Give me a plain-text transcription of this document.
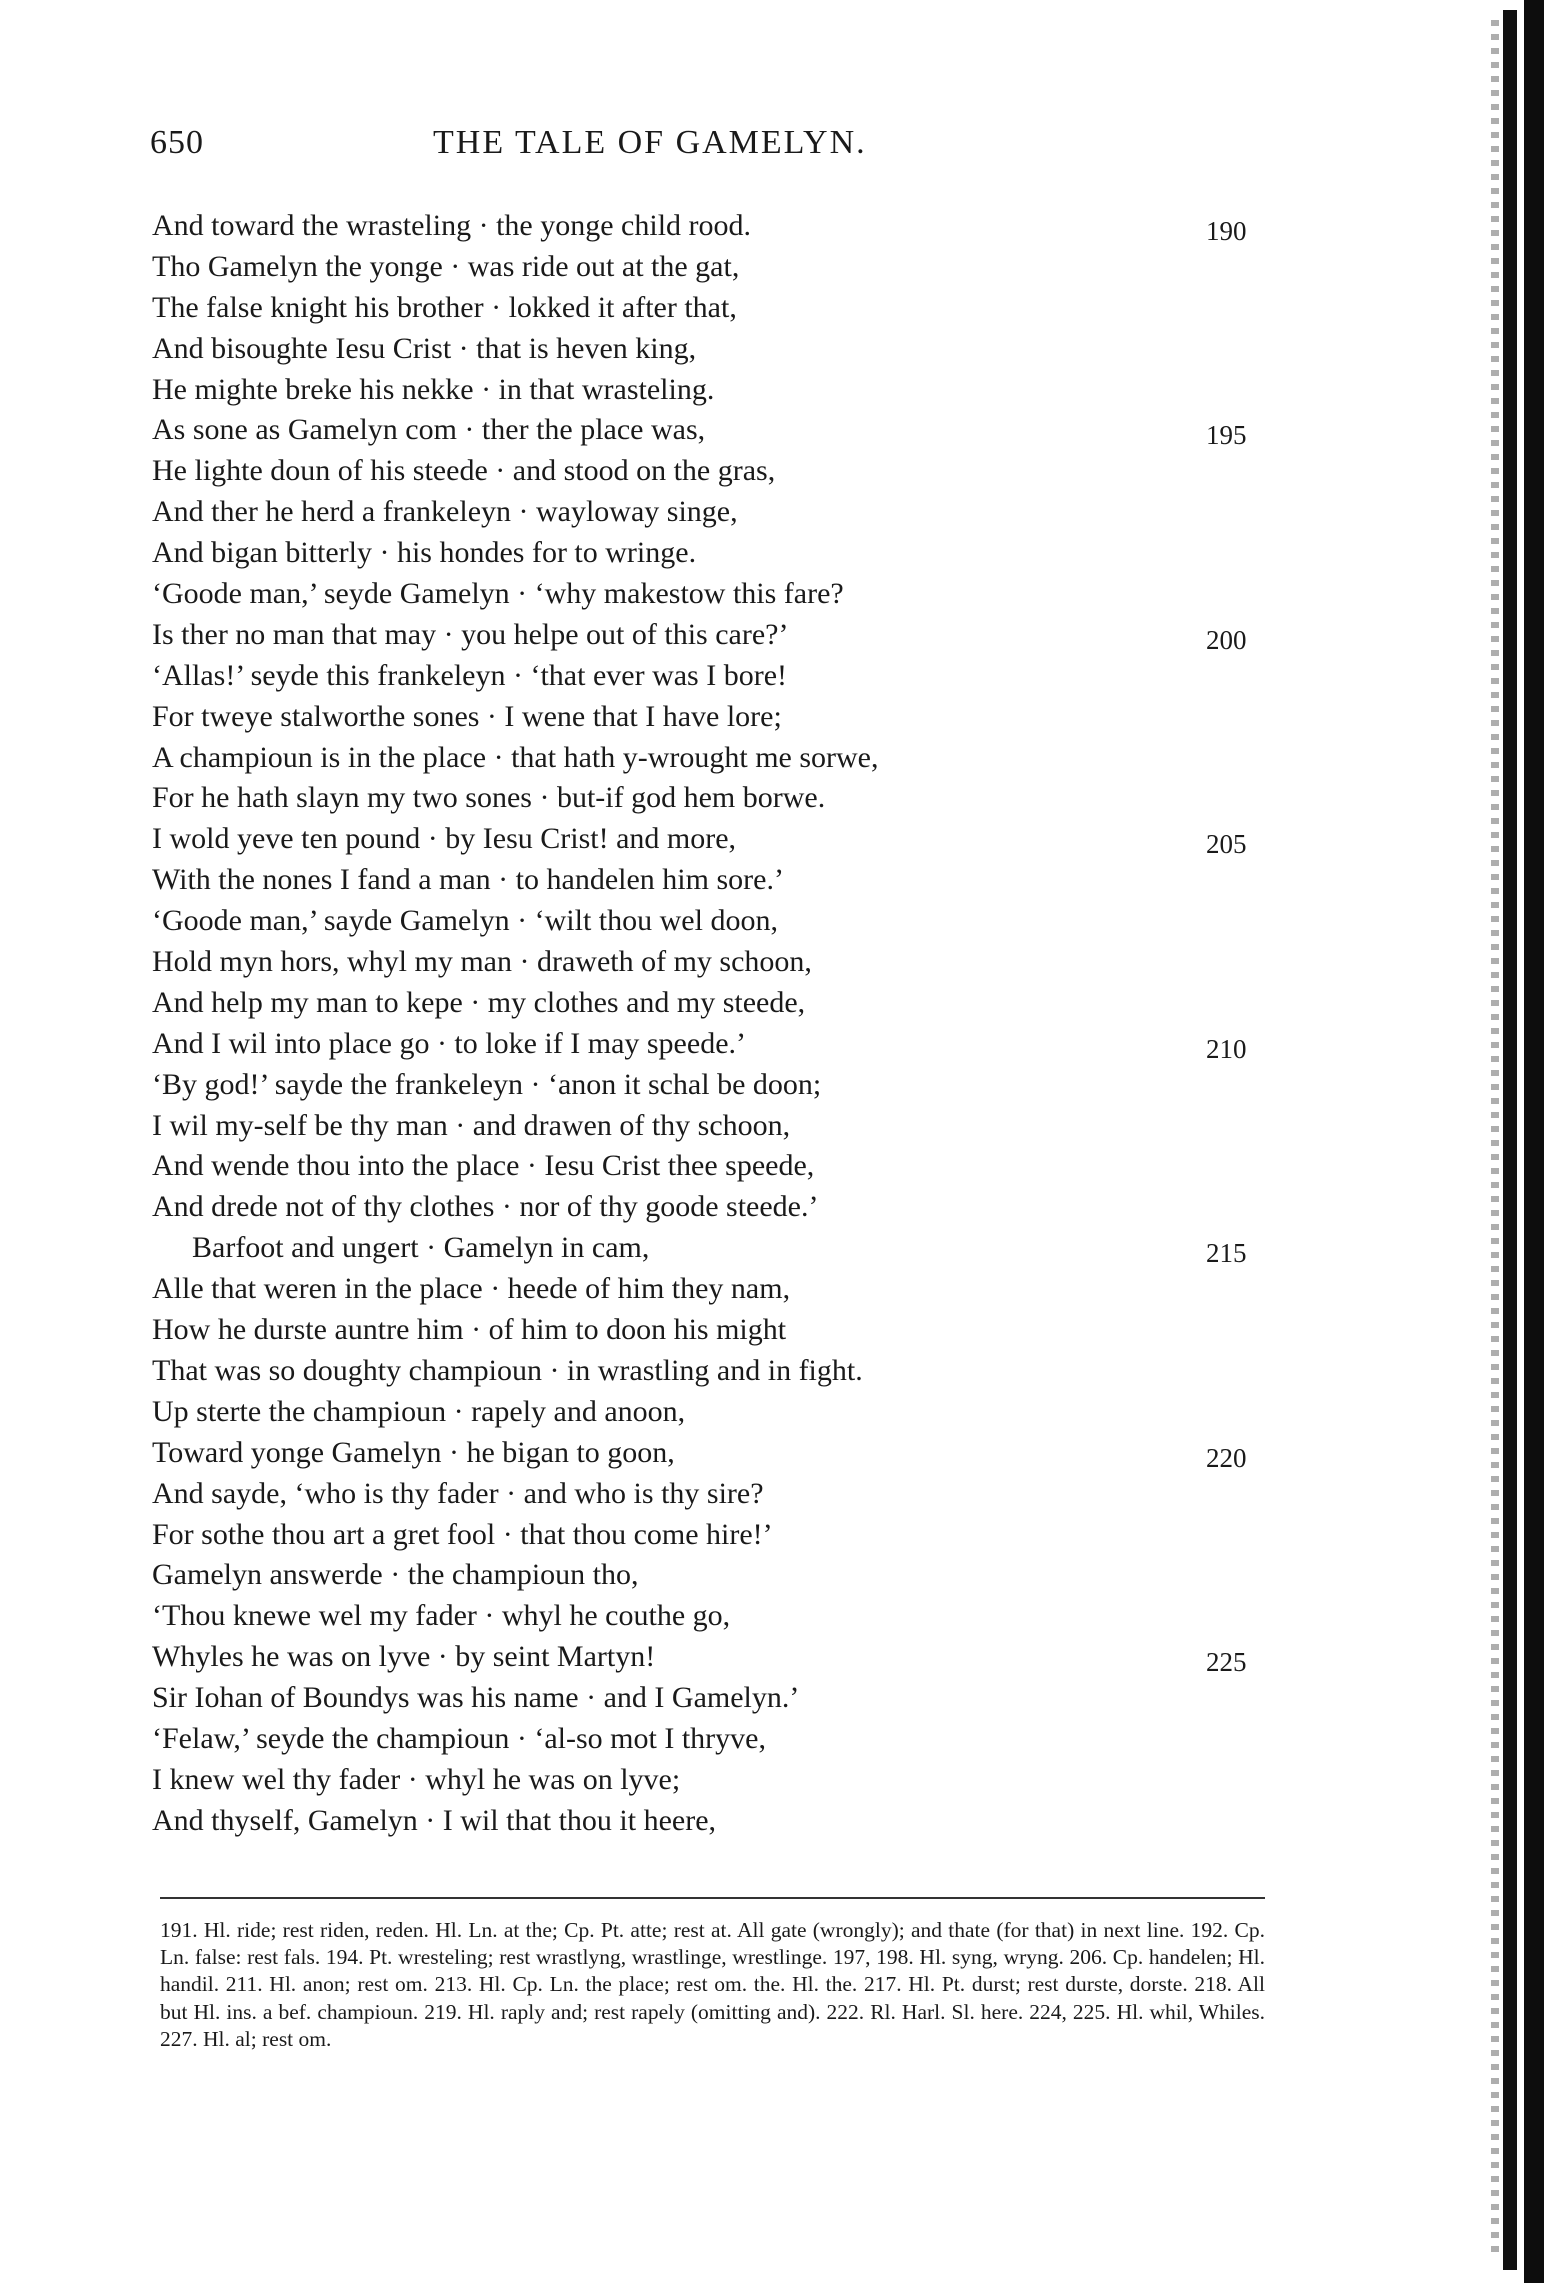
650	THE TALE OF GAMELYN.
And toward the wrasteling · the yonge child rood.	190
Tho Gamelyn the yonge · was ride out at the gat,
The false knight his brother · lokked it after that,
And bisoughte Iesu Crist · that is heven king,
He mighte breke his nekke · in that wrasteling.
As sone as Gamelyn com · ther the place was,	195
He lighte doun of his steede · and stood on the gras,
And ther he herd a frankeleyn · wayloway singe,
And bigan bitterly · his hondes for to wringe.
‘Goode man,’ seyde Gamelyn · ‘why makestow this fare?
Is ther no man that may · you helpe out of this care?’	200
‘Allas!’ seyde this frankeleyn · ‘that ever was I bore!
For tweye stalworthe sones · I wene that I have lore;
A champioun is in the place · that hath y-wrought me sorwe,
For he hath slayn my two sones · but-if god hem borwe.
I wold yeve ten pound · by Iesu Crist! and more,	205
With the nones I fand a man · to handelen him sore.’
‘Goode man,’ sayde Gamelyn · ‘wilt thou wel doon,
Hold myn hors, whyl my man · draweth of my schoon,
And help my man to kepe · my clothes and my steede,
And I wil into place go · to loke if I may speede.’	210
‘By god!’ sayde the frankeleyn · ‘anon it schal be doon;
I wil my-self be thy man · and drawen of thy schoon,
And wende thou into the place · Iesu Crist thee speede,
And drede not of thy clothes · nor of thy goode steede.’
Barfoot and ungert · Gamelyn in cam,	215
Alle that weren in the place · heede of him they nam,
How he durste auntre him · of him to doon his might
That was so doughty champioun · in wrastling and in fight.
Up sterte the champioun · rapely and anoon,
Toward yonge Gamelyn · he bigan to goon,	220
And sayde, ‘who is thy fader · and who is thy sire?
For sothe thou art a gret fool · that thou come hire!’
Gamelyn answerde · the champioun tho,
‘Thou knewe wel my fader · whyl he couthe go,
Whyles he was on lyve · by seint Martyn!	225
Sir Iohan of Boundys was his name · and I Gamelyn.’
‘Felaw,’ seyde the champioun · ‘al-so mot I thryve,
I knew wel thy fader · whyl he was on lyve;
And thyself, Gamelyn · I wil that thou it heere,
191. Hl. ride; rest riden, reden. Hl. Ln. at the; Cp. Pt. atte; rest at. All gate (wrongly); and thate (for that) in next line. 192. Cp. Ln. false: rest fals. 194. Pt. wresteling; rest wrastlyng, wrastlinge, wrestlinge. 197, 198. Hl. syng, wryng. 206. Cp. handelen; Hl. handil. 211. Hl. anon; rest om. 213. Hl. Cp. Ln. the place; rest om. the. Hl. the. 217. Hl. Pt. durst; rest durste, dorste. 218. All but Hl. ins. a bef. champioun. 219. Hl. raply and; rest rapely (omitting and). 222. Rl. Harl. Sl. here. 224, 225. Hl. whil, Whiles. 227. Hl. al; rest om.
